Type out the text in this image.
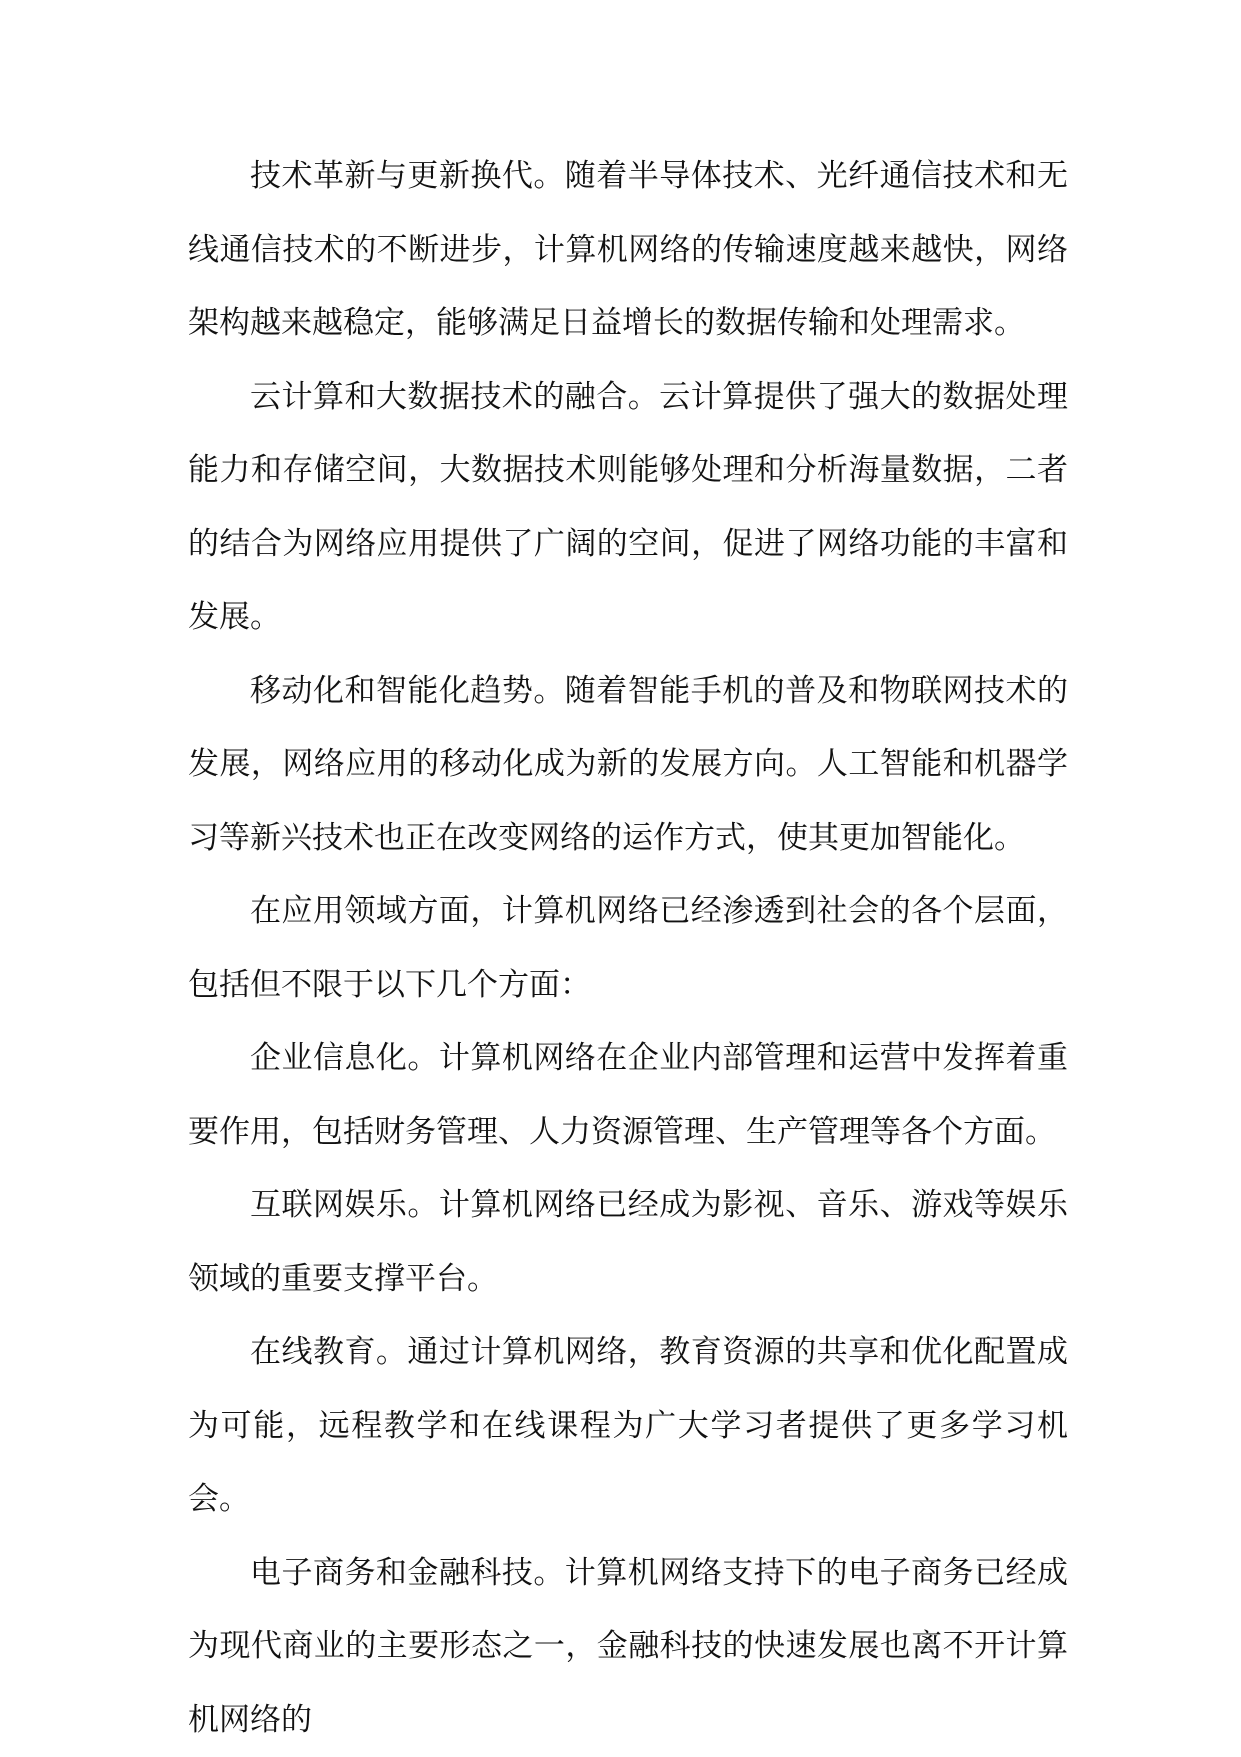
技术革新与更新换代。随着半导体技术、光纤通信技术和无线通信技术的不断进步，计算机网络的传输速度越来越快，网络架构越来越稳定，能够满足日益增长的数据传输和处理需求。

云计算和大数据技术的融合。云计算提供了强大的数据处理能力和存储空间，大数据技术则能够处理和分析海量数据，二者的结合为网络应用提供了广阔的空间，促进了网络功能的丰富和发展。

移动化和智能化趋势。随着智能手机的普及和物联网技术的发展，网络应用的移动化成为新的发展方向。人工智能和机器学习等新兴技术也正在改变网络的运作方式，使其更加智能化。

在应用领域方面，计算机网络已经渗透到社会的各个层面，包括但不限于以下几个方面：

企业信息化。计算机网络在企业内部管理和运营中发挥着重要作用，包括财务管理、人力资源管理、生产管理等各个方面。

互联网娱乐。计算机网络已经成为影视、音乐、游戏等娱乐领域的重要支撑平台。

在线教育。通过计算机网络，教育资源的共享和优化配置成为可能，远程教学和在线课程为广大学习者提供了更多学习机会。

电子商务和金融科技。计算机网络支持下的电子商务已经成为现代商业的主要形态之一，金融科技的快速发展也离不开计算机网络的
